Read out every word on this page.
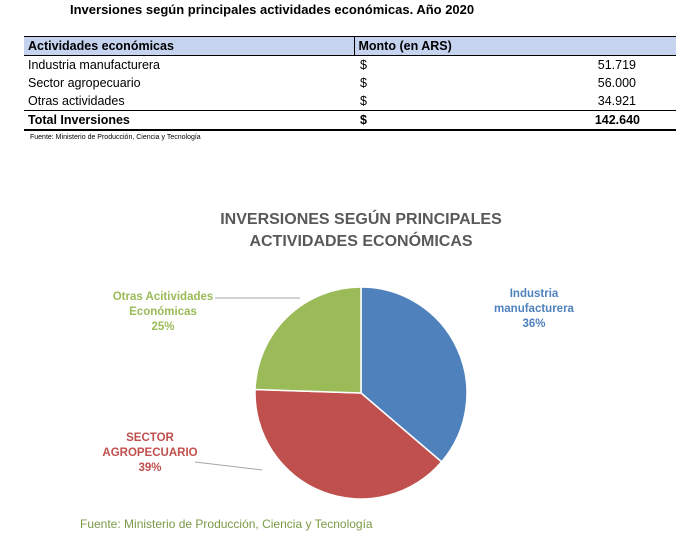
Inversiones según principales actividades económicas. Año 2020
Actividades económicas	Monto (en ARS)	
Industria manufacturera	$	51.719
Sector agropecuario	$	56.000
Otras actividades	$	34.921
Total Inversiones	$	142.640
Fuente: Ministerio de Producción, Ciencia y Tecnología
INVERSIONES SEGÚN PRINCIPALES ACTIVIDADES ECONÓMICAS
Industria manufacturera 36%
SECTOR AGROPECUARIO 39%
Otras Acitividades Económicas 25%
Fuente: Ministerio de Producción, Ciencia y Tecnología
